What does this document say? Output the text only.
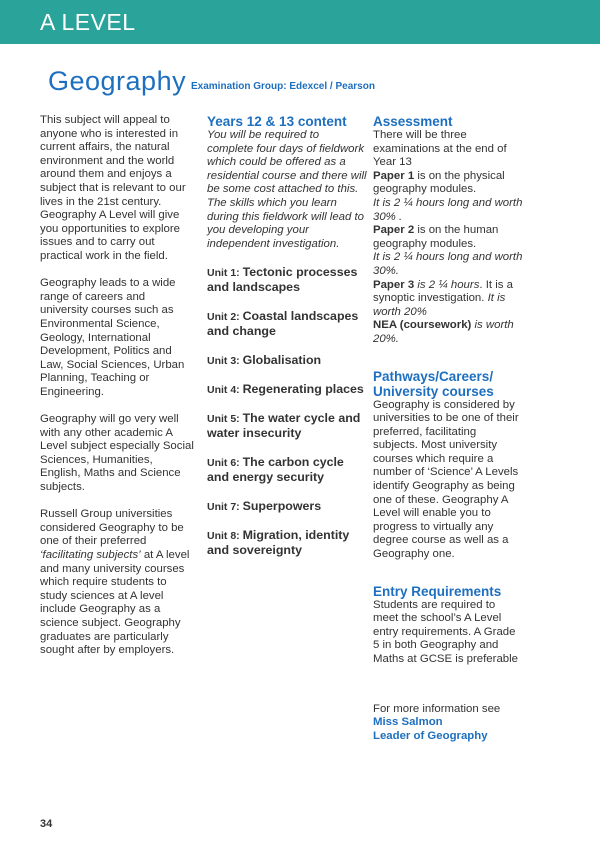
A LEVEL
Geography Examination Group: Edexcel / Pearson

This subject will appeal to anyone who is interested in current affairs, the natural environment and the world around them and enjoys a subject that is relevant to our lives in the 21st century. Geography A Level will give you opportunities to explore issues and to carry out practical work in the field.

Geography leads to a wide range of careers and university courses such as Environmental Science, Geology, International Development, Politics and Law, Social Sciences, Urban Planning, Teaching or Engineering.

Geography will go very well with any other academic A Level subject especially Social Sciences, Humanities, English, Maths and Science subjects.

Russell Group universities considered Geography to be one of their preferred ‘facilitating subjects’ at A level and many university courses which require students to study sciences at A level include Geography as a science subject. Geography graduates are particularly sought after by employers.

Years 12 & 13 content

You will be required to complete four days of fieldwork which could be offered as a residential course and there will be some cost attached to this. The skills which you learn during this fieldwork will lead to you developing your independent investigation.

Unit 1: Tectonic processes and landscapes
Unit 2: Coastal landscapes and change
Unit 3: Globalisation
Unit 4: Regenerating places
Unit 5: The water cycle and water insecurity
Unit 6: The carbon cycle and energy security
Unit 7: Superpowers
Unit 8: Migration, identity and sovereignty
Assessment

There will be three examinations at the end of Year 13

Paper 1 is on the physical geography modules.

It is 2 ¼ hours long and worth 30% .

Paper 2 is on the human geography modules.

It is 2 ¼ hours long and worth 30%.

Paper 3 is 2 ¼ hours. It is a synoptic investigation. It is worth 20%

NEA (coursework) is worth 20%.

Pathways/Careers/ University courses

Geography is considered by universities to be one of their preferred, facilitating subjects. Most university courses which require a number of ‘Science’ A Levels identify Geography as being one of these. Geography A Level will enable you to progress to virtually any degree course as well as a Geography one.

Entry Requirements

Students are required to meet the school’s A Level entry requirements. A Grade 5 in both Geography and Maths at GCSE is preferable

For more information see

Miss Salmon

Leader of Geography

34
